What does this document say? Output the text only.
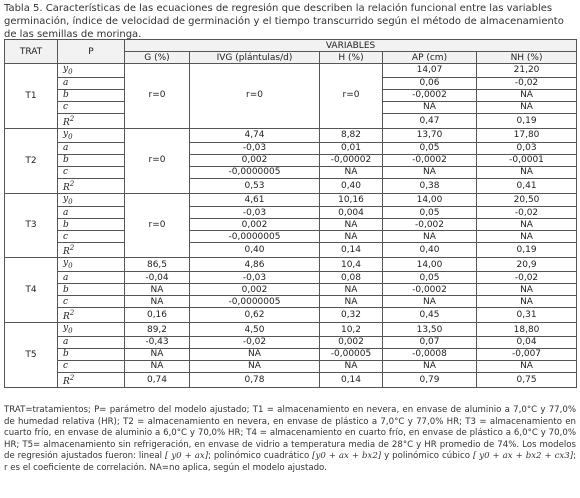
Tabla 5. Características de las ecuaciones de regresión que describen la relación funcional entre las variables germinación, índice de velocidad de germinación y el tiempo transcurrido según el método de almacenamiento de las semillas de moringa.
TRAT	P	VARIABLES				
		G (%)	IVG (plántulas/d)	H (%)	AP (cm)	NH (%)
T1	$y_0$				14,07	21,20
	a				0,06	-0,02
	b	r=0	r=0	r=0	-0,0002	NA
	c				NA	NA
	$R^2$				0,47	0,19
T2	$y_0$		4,74	8,82	13,70	17,80
	a		-0,03	0,01	0,05	0,03
	b	r=0	0,002	-0,00002	-0,0002	-0,0001
	c		-0,0000005	NA	NA	NA
	$R^2$		0,53	0,40	0,38	0,41
T3	$y_0$		4,61	10,16	14,00	20,50
	a		-0,03	0,004	0,05	-0,02
	b	r=0	0,002	NA	-0,002	NA
	c		-0,0000005	NA	NA	NA
	$R^2$		0,40	0,14	0,40	0,19
T4	$y_0$	86,5	4,86	10,4	14,00	20,9
	a	-0,04	-0,03	0,08	0,05	-0,02
	b	NA	0,002	NA	-0,0002	NA
	c	NA	-0,0000005	NA	NA	NA
	$R^2$	0,16	0,62	0,32	0,45	0,31
T5	$y_0$	89,2	4,50	10,2	13,50	18,80
	a	-0,43	-0,02	0,002	0,07	0,04
	b	NA	NA	-0,00005	-0,0008	-0,007
	c	NA	NA	NA	NA	NA
	$R^2$	0,74	0,78	0,14	0,79	0,75
TRAT=tratamientos; P= parámetro del modelo ajustado; T1 = almacenamiento en nevera, en envase de aluminio a 7,0°C y 77,0% de humedad relativa (HR); T2 = almacenamiento en nevera, en envase de plástico a 7,0°C y 77,0% HR; T3 = almacenamiento en cuarto frío, en envase de aluminio a 6,0°C y 70,0% HR; T4 = almacenamiento en cuarto frío, en envase de plástico a 6,0°C y 70,0% HR; T5= almacenamiento sin refrigeración, en envase de vidrio a temperatura media de 28°C y HR promedio de 74%. Los modelos de regresión ajustados fueron: lineal [ y0 + ax]; polinómico cuadrático [y0 + ax + bx2] y polinómico cúbico [ y0 + ax + bx2 + cx3]; r es el coeficiente de correlación. NA=no aplica, según el modelo ajustado.
